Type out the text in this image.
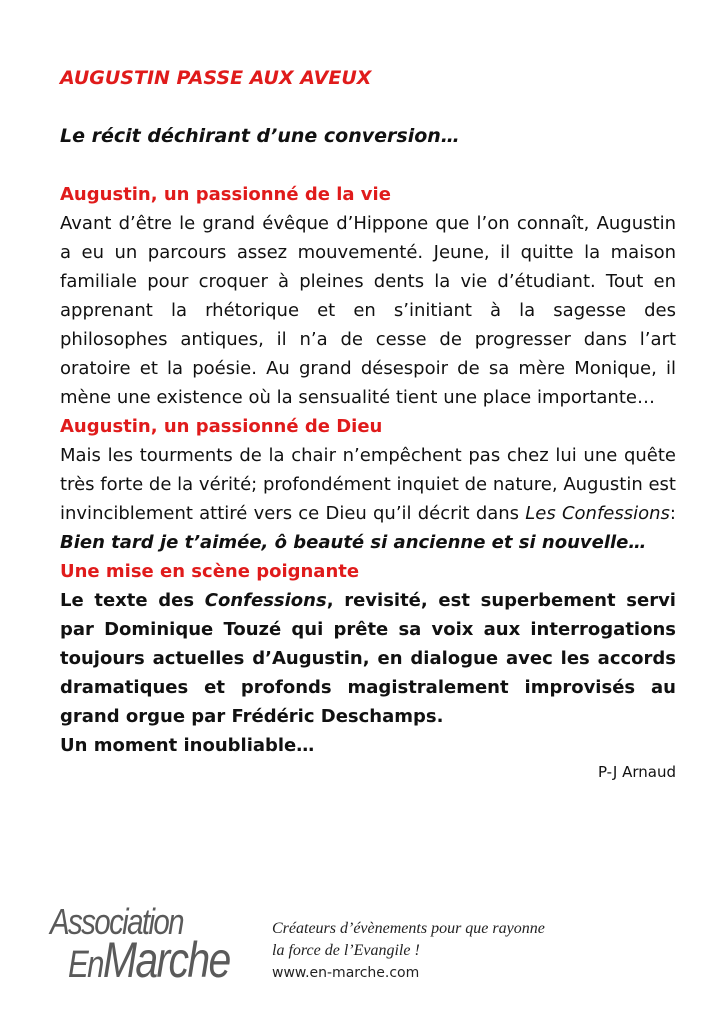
AUGUSTIN PASSE AUX AVEUX

Le récit déchirant d’une conversion…

Augustin, un passionné de la vie

Avant d’être le grand évêque d’Hippone que l’on connaît, Augustin a eu un parcours assez mouvementé. Jeune, il quitte la maison familiale pour croquer à pleines dents la vie d’étudiant. Tout en apprenant la rhétorique et en s’initiant à la sagesse des philosophes antiques, il n’a de cesse de progresser dans l’art oratoire et la poésie. Au grand désespoir de sa mère Monique, il mène une existence où la sensualité tient une place importante…

Augustin, un passionné de Dieu

Mais les tourments de la chair n’empêchent pas chez lui une quête très forte de la vérité; profondément inquiet de nature, Augustin est invinciblement attiré vers ce Dieu qu’il décrit dans Les Confessions: Bien tard je t’aimée, ô beauté si ancienne et si nouvelle…

Une mise en scène poignante

Le texte des Confessions, revisité, est superbement servi par Dominique Touzé qui prête sa voix aux interrogations toujours actuelles d’Augustin, en dialogue avec les accords dramatiques et profonds magistralement improvisés au grand orgue par Frédéric Deschamps.

Un moment inoubliable…

P-J Arnaud

Association
EnMarche
Créateurs d’évènements pour que rayonne
la force de l’Evangile !
www.en-marche.com
